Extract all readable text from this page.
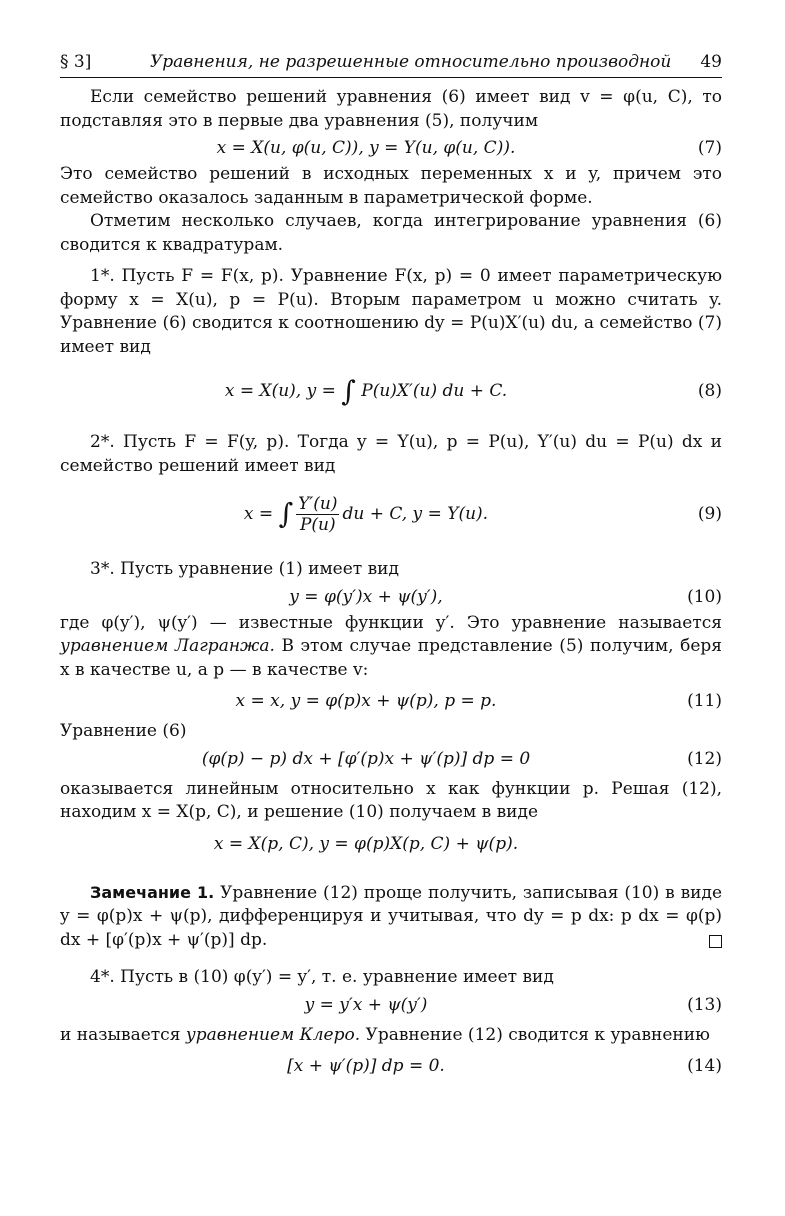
§ 3]	Уравнения, не разрешенные относительно производной	49

Если семейство решений уравнения (6) имеет вид v = φ(u, C), то подставляя это в первые два уравнения (5), получим

x = X(u, φ(u, C)), y = Y(u, φ(u, C)).	(7)

Это семейство решений в исходных переменных x и y, причем это семейство оказалось заданным в параметрической форме.

Отметим несколько случаев, когда интегрирование уравнения (6) сводится к квадратурам.

1*. Пусть F = F(x, p). Уравнение F(x, p) = 0 имеет параметрическую форму x = X(u), p = P(u). Вторым параметром u можно считать y. Уравнение (6) сводится к соотношению dy = P(u)X′(u) du, а семейство (7) имеет вид

x = X(u), y = ∫ P(u)X′(u) du + C.	(8)

2*. Пусть F = F(y, p). Тогда y = Y(u), p = P(u), Y′(u) du = P(u) dx и семейство решений имеет вид

x =
∫ $\frac{Y'(u)}{P(u)}$ du + C, y = Y(u).	(9)

3*. Пусть уравнение (1) имеет вид

y = φ(y′)x + ψ(y′),	(10)

где φ(y′), ψ(y′) — известные функции y′. Это уравнение называется уравнением Лагранжа. В этом случае представление (5) получим, беря x в качестве u, а p — в качестве v:

x = x, y = φ(p)x + ψ(p), p = p.	(11)

Уравнение (6)

(φ(p) − p) dx + [φ′(p)x + ψ′(p)] dp = 0	(12)

оказывается линейным относительно x как функции p. Решая (12), находим x = X(p, C), и решение (10) получаем в виде

x = X(p, C), y = φ(p)X(p, C) + ψ(p).

Замечание 1. Уравнение (12) проще получить, записывая (10) в виде y = φ(p)x + ψ(p), дифференцируя и учитывая, что dy = p dx: p dx = φ(p) dx + [φ′(p)x + ψ′(p)] dp.

4*. Пусть в (10) φ(y′) = y′, т. е. уравнение имеет вид

y = y′x + ψ(y′)	(13)

и называется уравнением Клеро. Уравнение (12) сводится к уравнению

[x + ψ′(p)] dp = 0.	(14)
